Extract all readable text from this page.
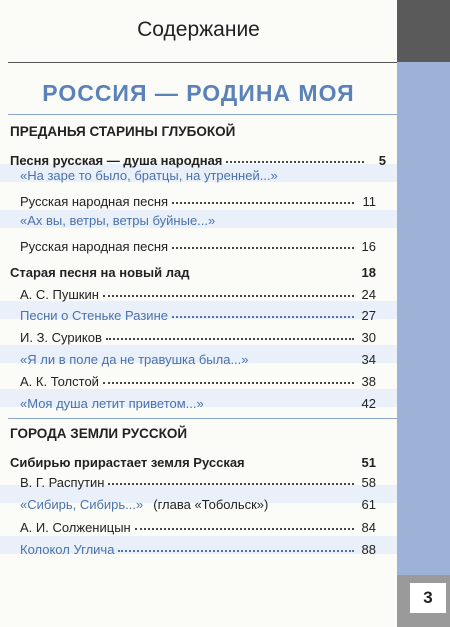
Содержание
РОССИЯ — РОДИНА МОЯ
ПРЕДАНЬЯ СТАРИНЫ ГЛУБОКОЙ
Песня русская — душа народная	5
«На заре то было, братцы, на утренней...»
Русская народная песня	11
«Ах вы, ветры, ветры буйные...»
Русская народная песня	16
Старая песня на новый лад	18
А. С. Пушкин	24
Песни о Стеньке Разине	27
И. З. Суриков	30
«Я ли в поле да не травушка была...»	34
А. К. Толстой	38
«Моя душа летит приветом...»	42
ГОРОДА ЗЕМЛИ РУССКОЙ
Сибирью прирастает земля Русская	51
В. Г. Распутин	58
«Сибирь, Сибирь...» (глава «Тобольск»)	61
А. И. Солженицын	84
Колокол Углича	88
3
